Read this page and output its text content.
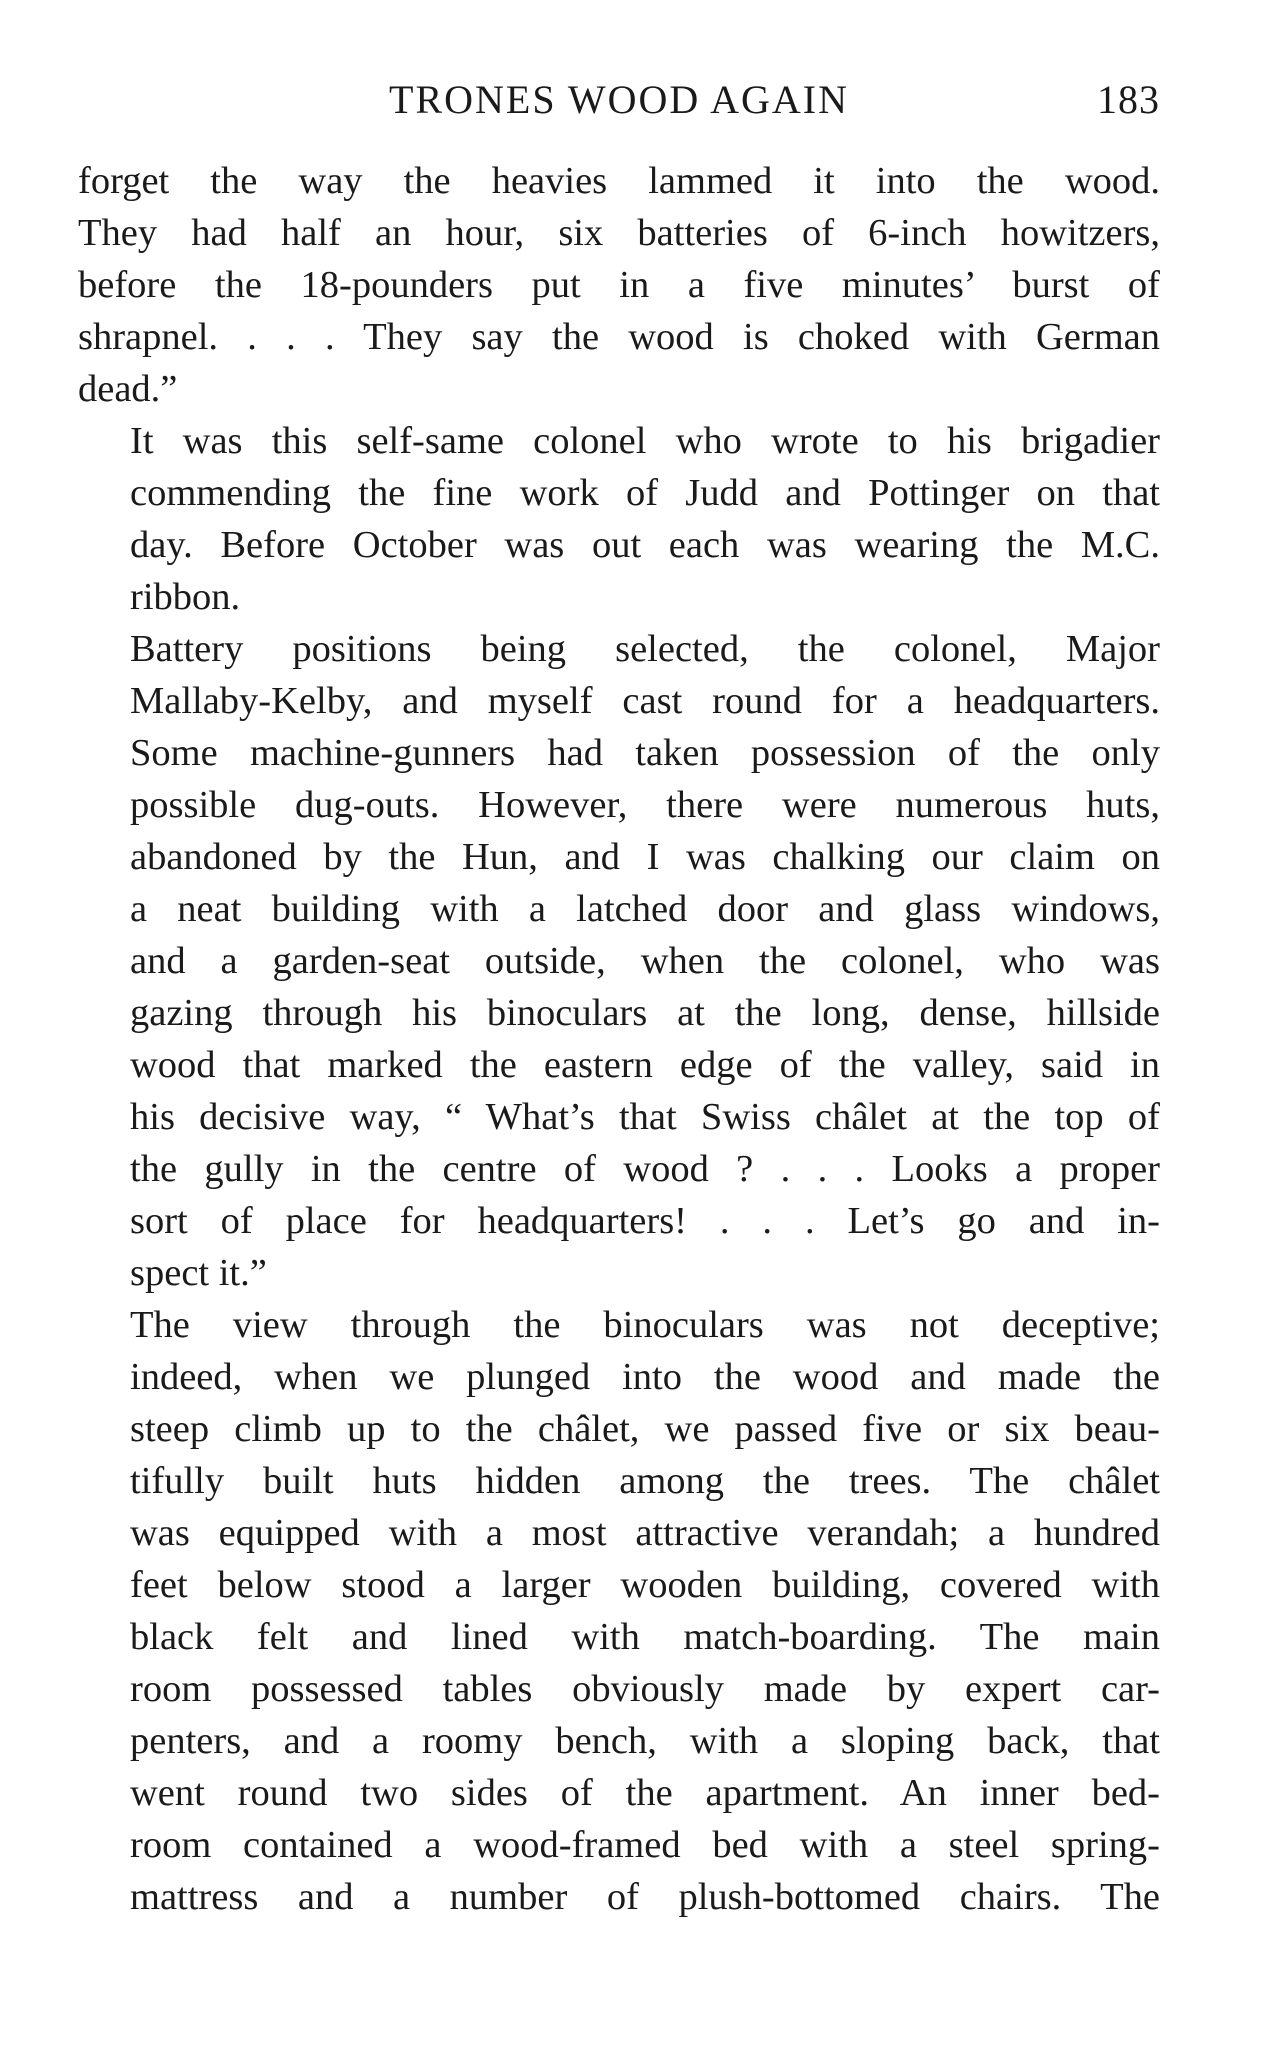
TRONES WOOD AGAIN	183

forget the way the heavies lammed it into the wood.
They had half an hour, six batteries of 6-inch howitzers,
before the 18-pounders put in a five minutes’ burst of
shrapnel. . . . They say the wood is choked with German
dead.”

It was this self-same colonel who wrote to his brigadier
commending the fine work of Judd and Pottinger on that
day. Before October was out each was wearing the M.C.
ribbon.

Battery positions being selected, the colonel, Major
Mallaby-Kelby, and myself cast round for a headquarters.
Some machine-gunners had taken possession of the only
possible dug-outs. However, there were numerous huts,
abandoned by the Hun, and I was chalking our claim on
a neat building with a latched door and glass windows,
and a garden-seat outside, when the colonel, who was
gazing through his binoculars at the long, dense, hillside
wood that marked the eastern edge of the valley, said in
his decisive way, “ What’s that Swiss châlet at the top of
the gully in the centre of wood ? . . . Looks a proper
sort of place for headquarters! . . . Let’s go and in-
spect it.”

The view through the binoculars was not deceptive;
indeed, when we plunged into the wood and made the
steep climb up to the châlet, we passed five or six beau-
tifully built huts hidden among the trees. The châlet
was equipped with a most attractive verandah; a hundred
feet below stood a larger wooden building, covered with
black felt and lined with match-boarding. The main
room possessed tables obviously made by expert car-
penters, and a roomy bench, with a sloping back, that
went round two sides of the apartment. An inner bed-
room contained a wood-framed bed with a steel spring-
mattress and a number of plush-bottomed chairs. The
